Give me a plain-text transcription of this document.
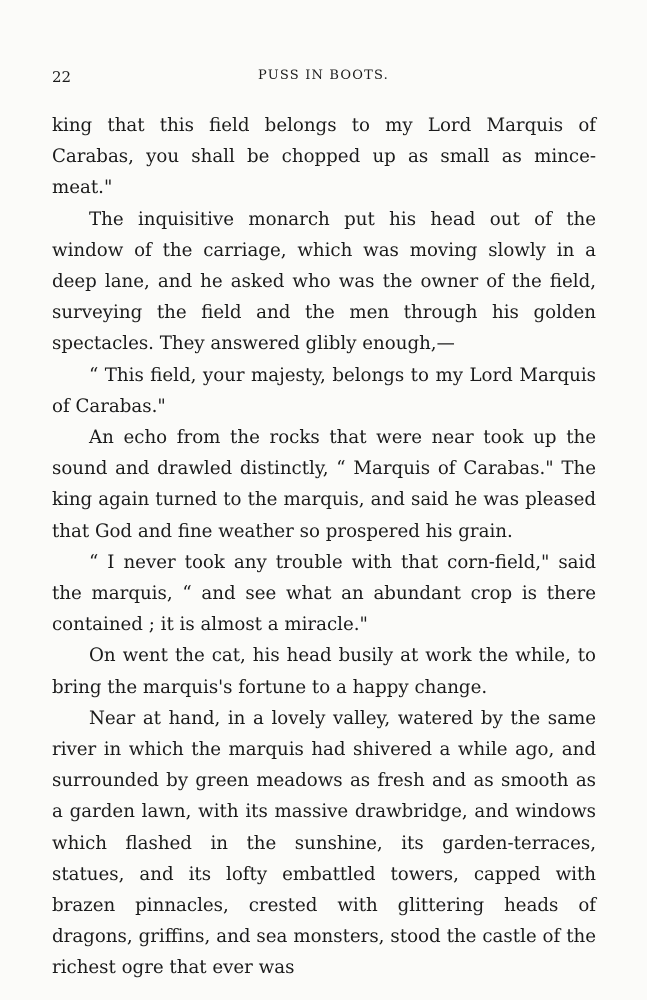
22	PUSS IN BOOTS.

king that this field belongs to my Lord Marquis of Carabas, you shall be chopped up as small as mince-meat."

The inquisitive monarch put his head out of the window of the carriage, which was moving slowly in a deep lane, and he asked who was the owner of the field, surveying the field and the men through his golden spectacles. They answered glibly enough,—

“ This field, your majesty, belongs to my Lord Marquis of Carabas."

An echo from the rocks that were near took up the sound and drawled distinctly, “ Marquis of Carabas." The king again turned to the marquis, and said he was pleased that God and fine weather so prospered his grain.

“ I never took any trouble with that corn-field," said the marquis, “ and see what an abundant crop is there contained ; it is almost a miracle."

On went the cat, his head busily at work the while, to bring the marquis's fortune to a happy change.

Near at hand, in a lovely valley, watered by the same river in which the marquis had shivered a while ago, and surrounded by green meadows as fresh and as smooth as a garden lawn, with its massive drawbridge, and windows which flashed in the sunshine, its garden-terraces, statues, and its lofty embattled towers, capped with brazen pinnacles, crested with glittering heads of dragons, griffins, and sea monsters, stood the castle of the richest ogre that ever was
